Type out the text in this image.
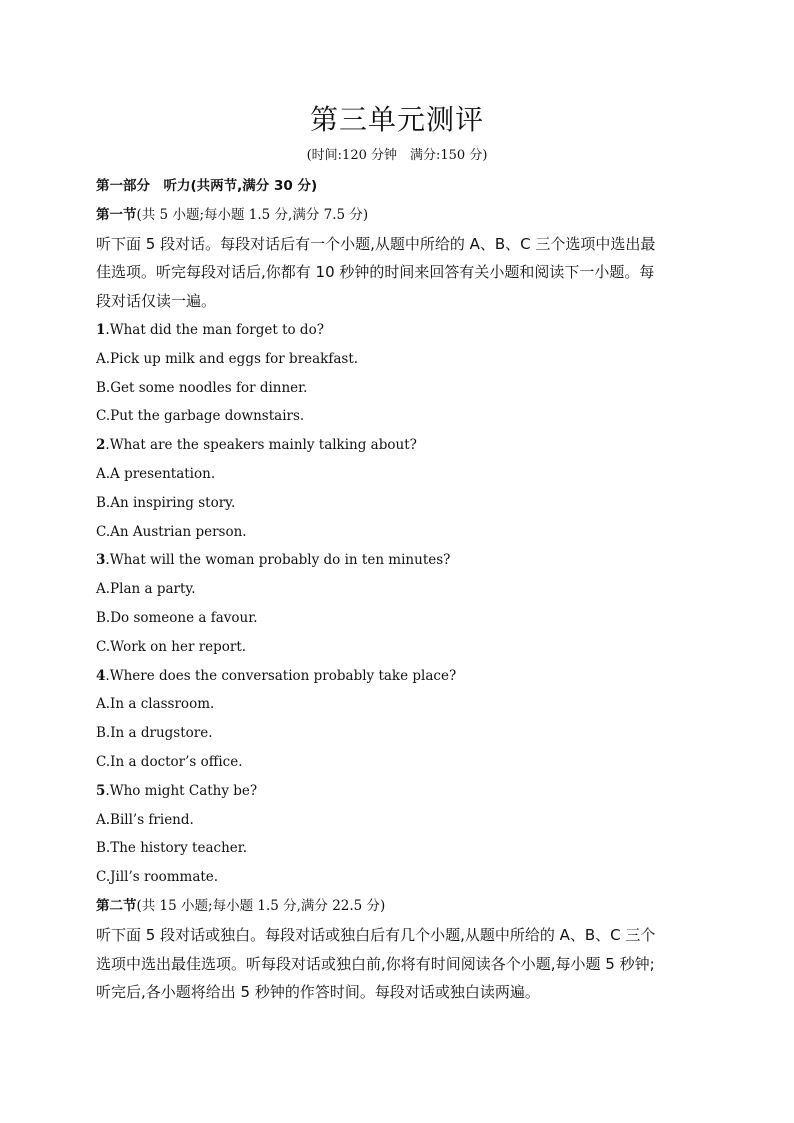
第三单元测评
(时间:120 分钟　满分:150 分)
第一部分　听力(共两节,满分 30 分)
第一节(共 5 小题;每小题 1.5 分,满分 7.5 分)
听下面 5 段对话。每段对话后有一个小题,从题中所给的 A、B、C 三个选项中选出最
佳选项。听完每段对话后,你都有 10 秒钟的时间来回答有关小题和阅读下一小题。每
段对话仅读一遍。
1.What did the man forget to do?
A.Pick up milk and eggs for breakfast.
B.Get some noodles for dinner.
C.Put the garbage downstairs.
2.What are the speakers mainly talking about?
A.A presentation.
B.An inspiring story.
C.An Austrian person.
3.What will the woman probably do in ten minutes?
A.Plan a party.
B.Do someone a favour.
C.Work on her report.
4.Where does the conversation probably take place?
A.In a classroom.
B.In a drugstore.
C.In a doctor’s office.
5.Who might Cathy be?
A.Bill’s friend.
B.The history teacher.
C.Jill’s roommate.
第二节(共 15 小题;每小题 1.5 分,满分 22.5 分)
听下面 5 段对话或独白。每段对话或独白后有几个小题,从题中所给的 A、B、C 三个
选项中选出最佳选项。听每段对话或独白前,你将有时间阅读各个小题,每小题 5 秒钟;
听完后,各小题将给出 5 秒钟的作答时间。每段对话或独白读两遍。
